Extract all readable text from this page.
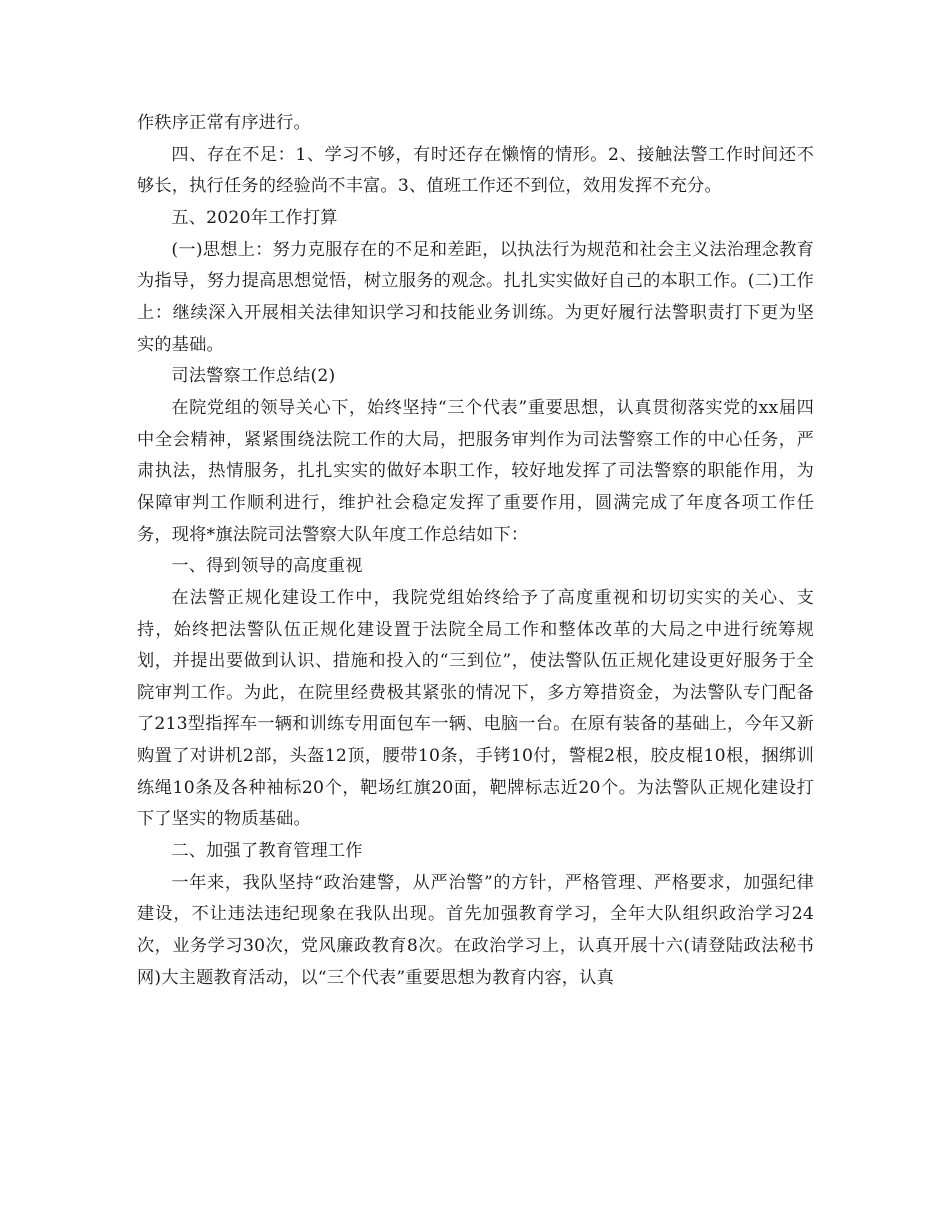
作秩序正常有序进行。

四、存在不足：1、学习不够，有时还存在懒惰的情形。2、接触法警工作时间还不够长，执行任务的经验尚不丰富。3、值班工作还不到位，效用发挥不充分。

五、2020年工作打算

(一)思想上：努力克服存在的不足和差距，以执法行为规范和社会主义法治理念教育为指导，努力提高思想觉悟，树立服务的观念。扎扎实实做好自己的本职工作。(二)工作上：继续深入开展相关法律知识学习和技能业务训练。为更好履行法警职责打下更为坚实的基础。

司法警察工作总结(2)

在院党组的领导关心下，始终坚持“三个代表”重要思想，认真贯彻落实党的xx届四中全会精神，紧紧围绕法院工作的大局，把服务审判作为司法警察工作的中心任务，严肃执法，热情服务，扎扎实实的做好本职工作，较好地发挥了司法警察的职能作用，为保障审判工作顺利进行，维护社会稳定发挥了重要作用，圆满完成了年度各项工作任务，现将*旗法院司法警察大队年度工作总结如下：

一、得到领导的高度重视

在法警正规化建设工作中，我院党组始终给予了高度重视和切切实实的关心、支持，始终把法警队伍正规化建设置于法院全局工作和整体改革的大局之中进行统筹规划，并提出要做到认识、措施和投入的“三到位”，使法警队伍正规化建设更好服务于全院审判工作。为此，在院里经费极其紧张的情况下，多方筹措资金，为法警队专门配备了213型指挥车一辆和训练专用面包车一辆、电脑一台。在原有装备的基础上，今年又新购置了对讲机2部，头盔12顶，腰带10条，手铐10付，警棍2根，胶皮棍10根，捆绑训练绳10条及各种袖标20个，靶场红旗20面，靶牌标志近20个。为法警队正规化建设打下了坚实的物质基础。

二、加强了教育管理工作

一年来，我队坚持“政治建警，从严治警”的方针，严格管理、严格要求，加强纪律建设，不让违法违纪现象在我队出现。首先加强教育学习，全年大队组织政治学习24次，业务学习30次，党风廉政教育8次。在政治学习上，认真开展十六(请登陆政法秘书网)大主题教育活动，以“三个代表”重要思想为教育内容，认真
